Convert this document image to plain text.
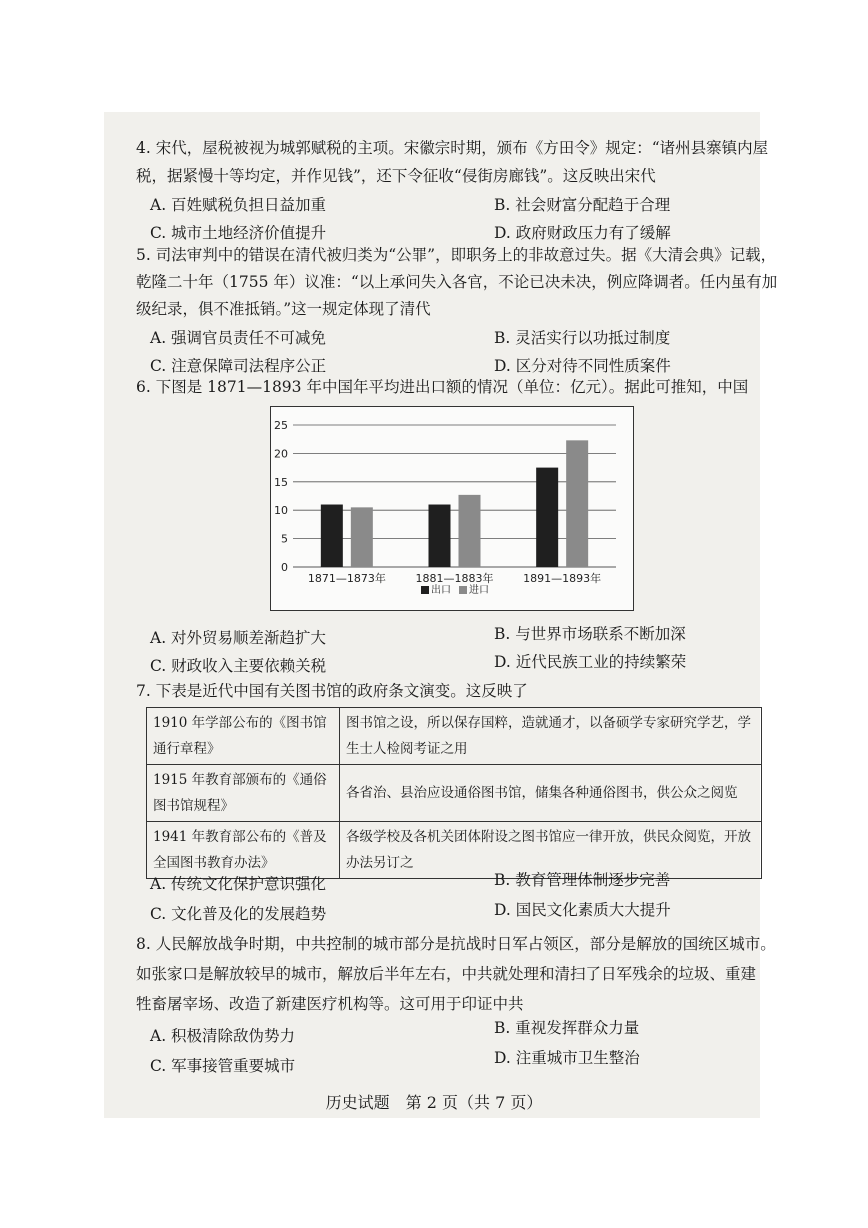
4. 宋代，屋税被视为城郭赋税的主项。宋徽宗时期，颁布《方田令》规定：“诸州县寨镇内屋
税，据紧慢十等均定，并作见钱”，还下令征收“侵街房廊钱”。这反映出宋代
A. 百姓赋税负担日益加重	B. 社会财富分配趋于合理
C. 城市土地经济价值提升	D. 政府财政压力有了缓解
5. 司法审判中的错误在清代被归类为“公罪”，即职务上的非故意过失。据《大清会典》记载，
乾隆二十年（1755 年）议准：“以上承问失入各官，不论已决未决，例应降调者。任内虽有加
级纪录，俱不准抵销。”这一规定体现了清代
A. 强调官员责任不可减免	B. 灵活实行以功抵过制度
C. 注意保障司法程序公正	D. 区分对待不同性质案件
6. 下图是 1871—1893 年中国年平均进出口额的情况（单位：亿元）。据此可推知，中国
0
5
10
15
20
25
1871—1873年	1881—1883年	1891—1893年
出口 进口
A. 对外贸易顺差渐趋扩大	B. 与世界市场联系不断加深
C. 财政收入主要依赖关税	D. 近代民族工业的持续繁荣
7. 下表是近代中国有关图书馆的政府条文演变。这反映了
1910 年学部公布的《图书馆通行章程》	图书馆之设，所以保存国粹，造就通才，以备硕学专家研究学艺，学生士人检阅考证之用
1915 年教育部颁布的《通俗图书馆规程》	各省治、县治应设通俗图书馆，储集各种通俗图书，供公众之阅览
1941 年教育部公布的《普及全国图书教育办法》	各级学校及各机关团体附设之图书馆应一律开放，供民众阅览，开放办法另订之
A. 传统文化保护意识强化	B. 教育管理体制逐步完善
C. 文化普及化的发展趋势	D. 国民文化素质大大提升
8. 人民解放战争时期，中共控制的城市部分是抗战时日军占领区，部分是解放的国统区城市。
如张家口是解放较早的城市，解放后半年左右，中共就处理和清扫了日军残余的垃圾、重建
牲畜屠宰场、改造了新建医疗机构等。这可用于印证中共
A. 积极清除敌伪势力	B. 重视发挥群众力量
C. 军事接管重要城市	D. 注重城市卫生整治
历史试题　第 2 页（共 7 页）
